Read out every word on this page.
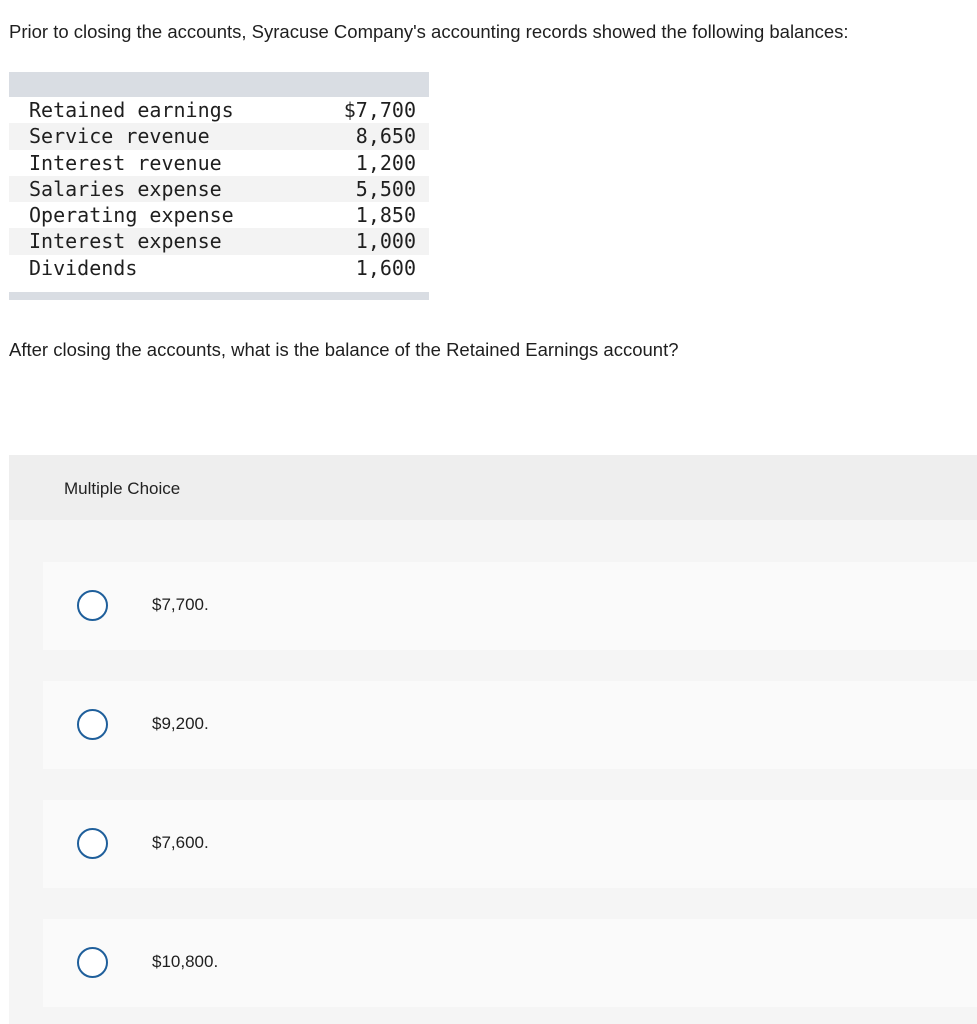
Prior to closing the accounts, Syracuse Company's accounting records showed the following balances:
Retained earnings	$7,700
Service revenue	8,650
Interest revenue	1,200
Salaries expense	5,500
Operating expense	1,850
Interest expense	1,000
Dividends	1,600
After closing the accounts, what is the balance of the Retained Earnings account?
Multiple Choice
$7,700.
$9,200.
$7,600.
$10,800.
